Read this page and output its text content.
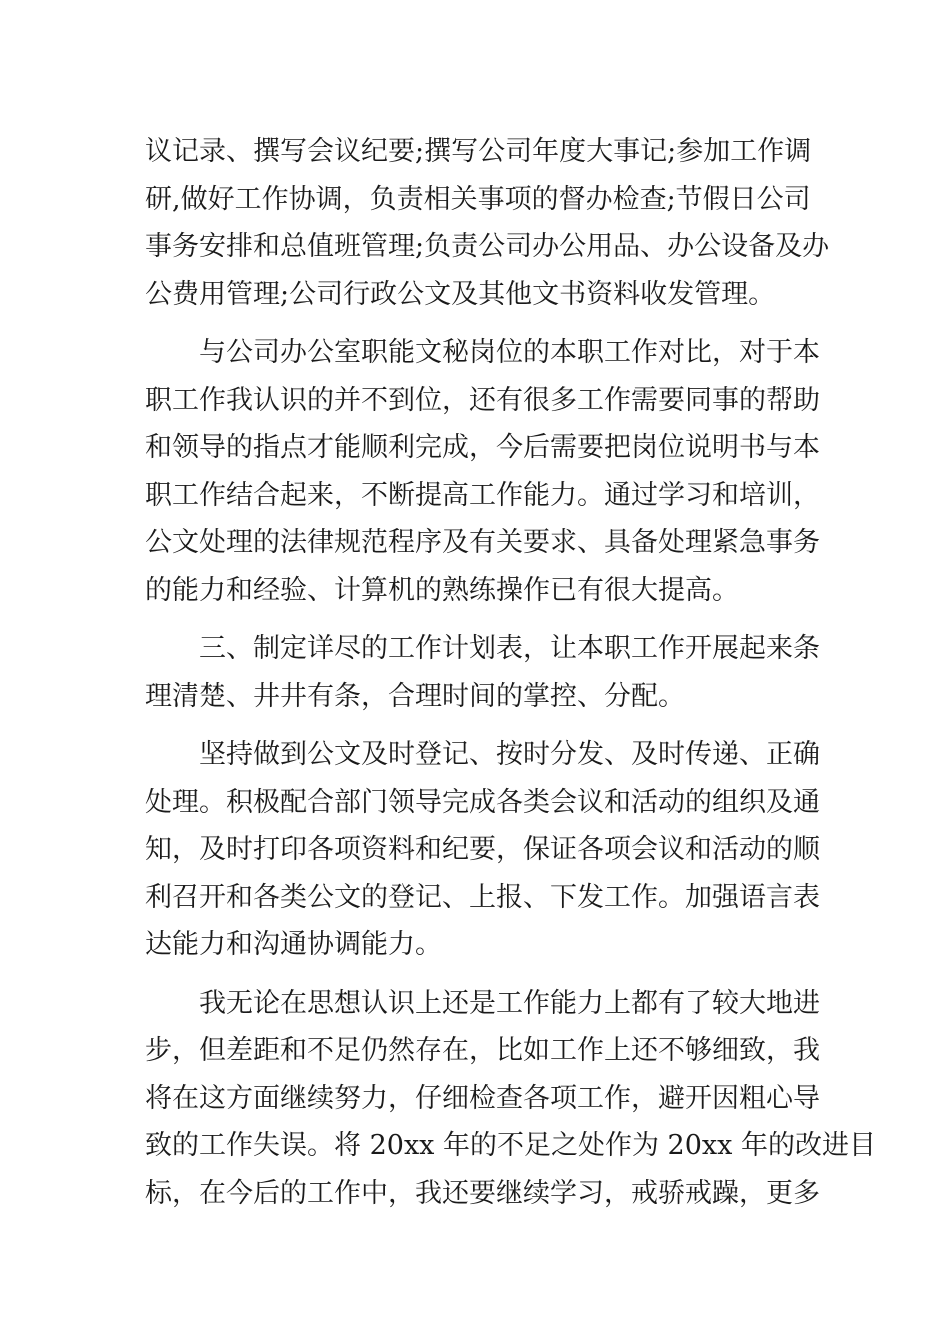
议记录、撰写会议纪要;撰写公司年度大事记;参加工作调
研,做好工作协调，负责相关事项的督办检查;节假日公司
事务安排和总值班管理;负责公司办公用品、办公设备及办
公费用管理;公司行政公文及其他文书资料收发管理。
与公司办公室职能文秘岗位的本职工作对比，对于本
职工作我认识的并不到位，还有很多工作需要同事的帮助
和领导的指点才能顺利完成，今后需要把岗位说明书与本
职工作结合起来，不断提高工作能力。通过学习和培训，
公文处理的法律规范程序及有关要求、具备处理紧急事务
的能力和经验、计算机的熟练操作已有很大提高。
三、制定详尽的工作计划表，让本职工作开展起来条
理清楚、井井有条，合理时间的掌控、分配。
坚持做到公文及时登记、按时分发、及时传递、正确
处理。积极配合部门领导完成各类会议和活动的组织及通
知，及时打印各项资料和纪要，保证各项会议和活动的顺
利召开和各类公文的登记、上报、下发工作。加强语言表
达能力和沟通协调能力。
我无论在思想认识上还是工作能力上都有了较大地进
步，但差距和不足仍然存在，比如工作上还不够细致，我
将在这方面继续努力，仔细检查各项工作，避开因粗心导
致的工作失误。将 20xx 年的不足之处作为 20xx 年的改进目
标，在今后的工作中，我还要继续学习，戒骄戒躁，更多
